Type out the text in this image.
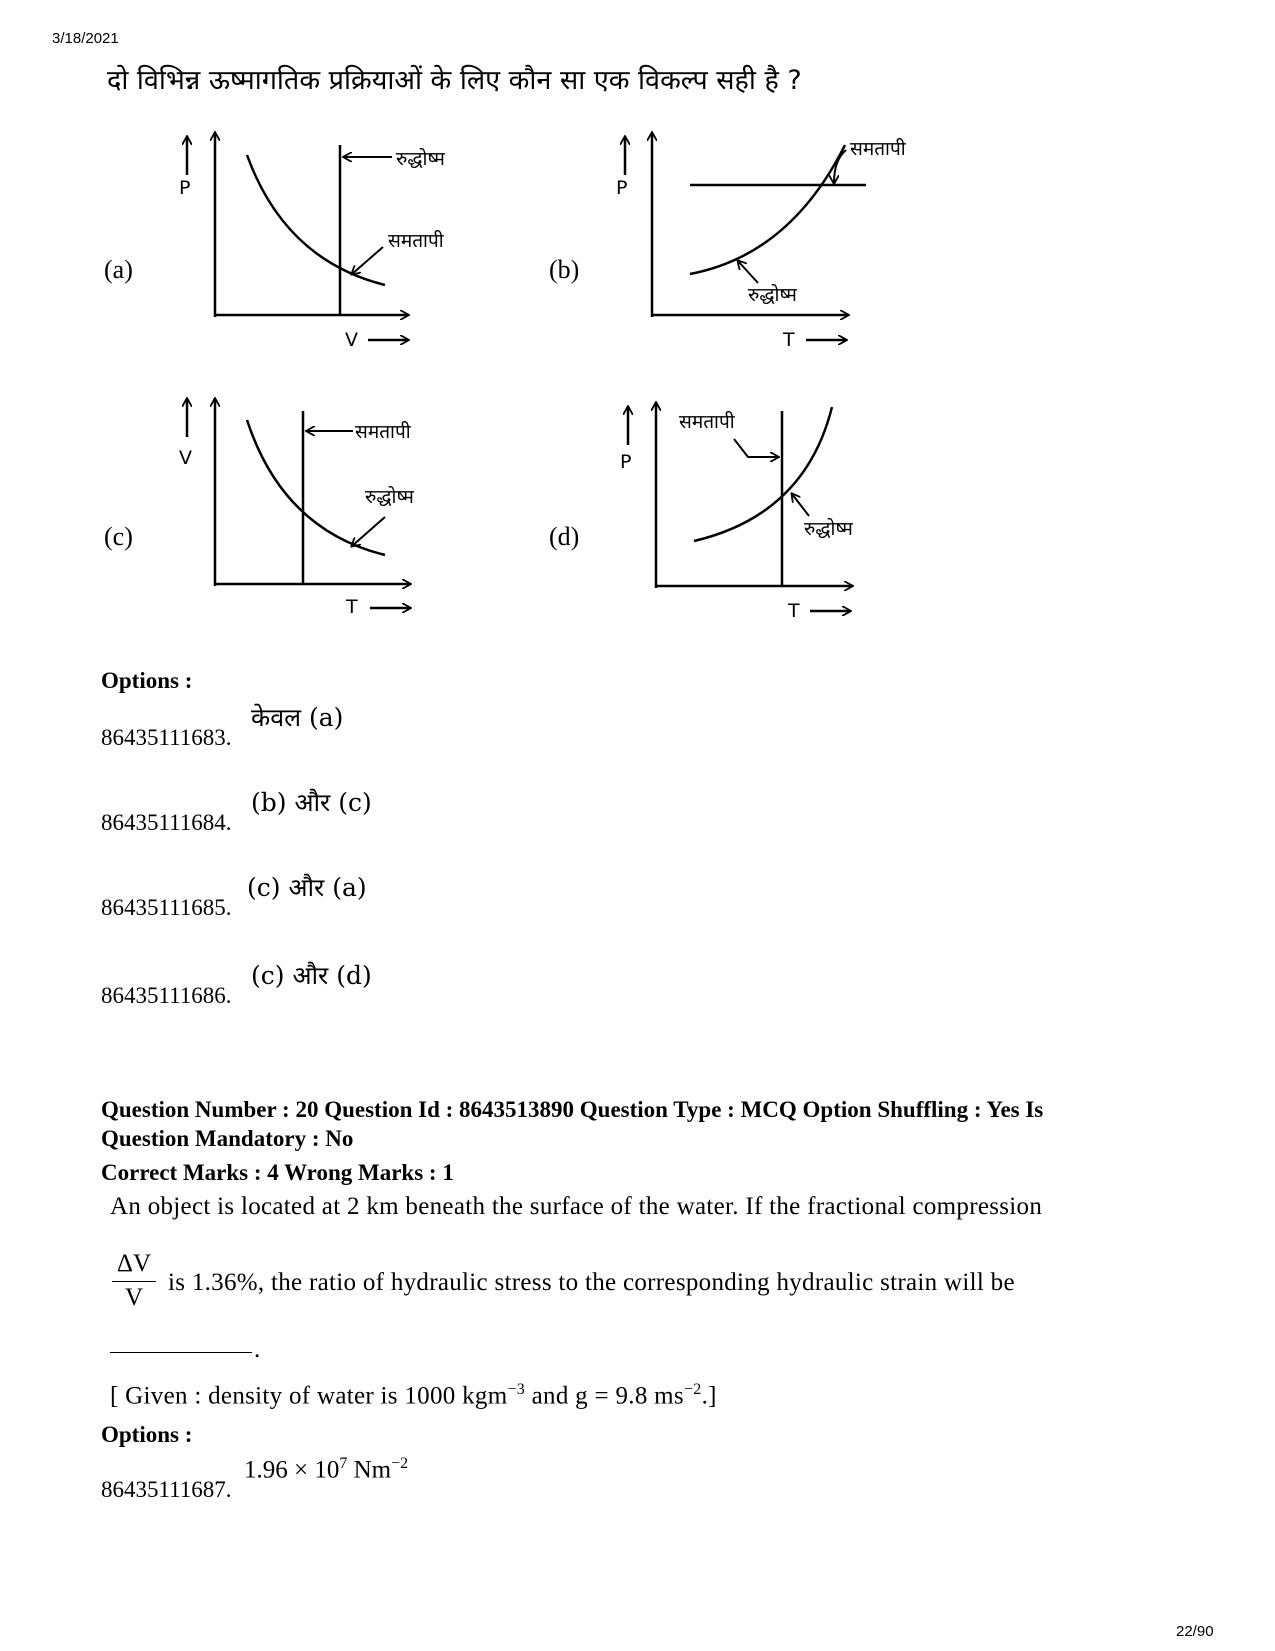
3/18/2021
दो विभिन्न ऊष्मागतिक प्रक्रियाओं के लिए कौन सा एक विकल्प सही है ?
(a)	(b)
(c)	(d)
P
V
रुद्धोष्म
समतापी
P
T
समतापी
रुद्धोष्म
V
T
समतापी
रुद्धोष्म
P
T
समतापी
रुद्धोष्म
Options :
86435111683.
केवल (a)
86435111684.
(b) और (c)
86435111685.
(c) और (a)
86435111686.
(c) और (d)
Question Number : 20 Question Id : 8643513890 Question Type : MCQ Option Shuffling : Yes Is
Question Mandatory : No
Correct Marks : 4 Wrong Marks : 1
An object is located at 2 km beneath the surface of the water. If the fractional compression
ΔV
V
is 1.36%, the ratio of hydraulic stress to the corresponding hydraulic strain will be
.
[ Given : density of water is 1000 kgm$^{-3}$ and g = 9.8 $ms^{-2}$.]
Options :
86435111687.
$1.96 \times 10^7$ $Nm^{-2}$
22/90
